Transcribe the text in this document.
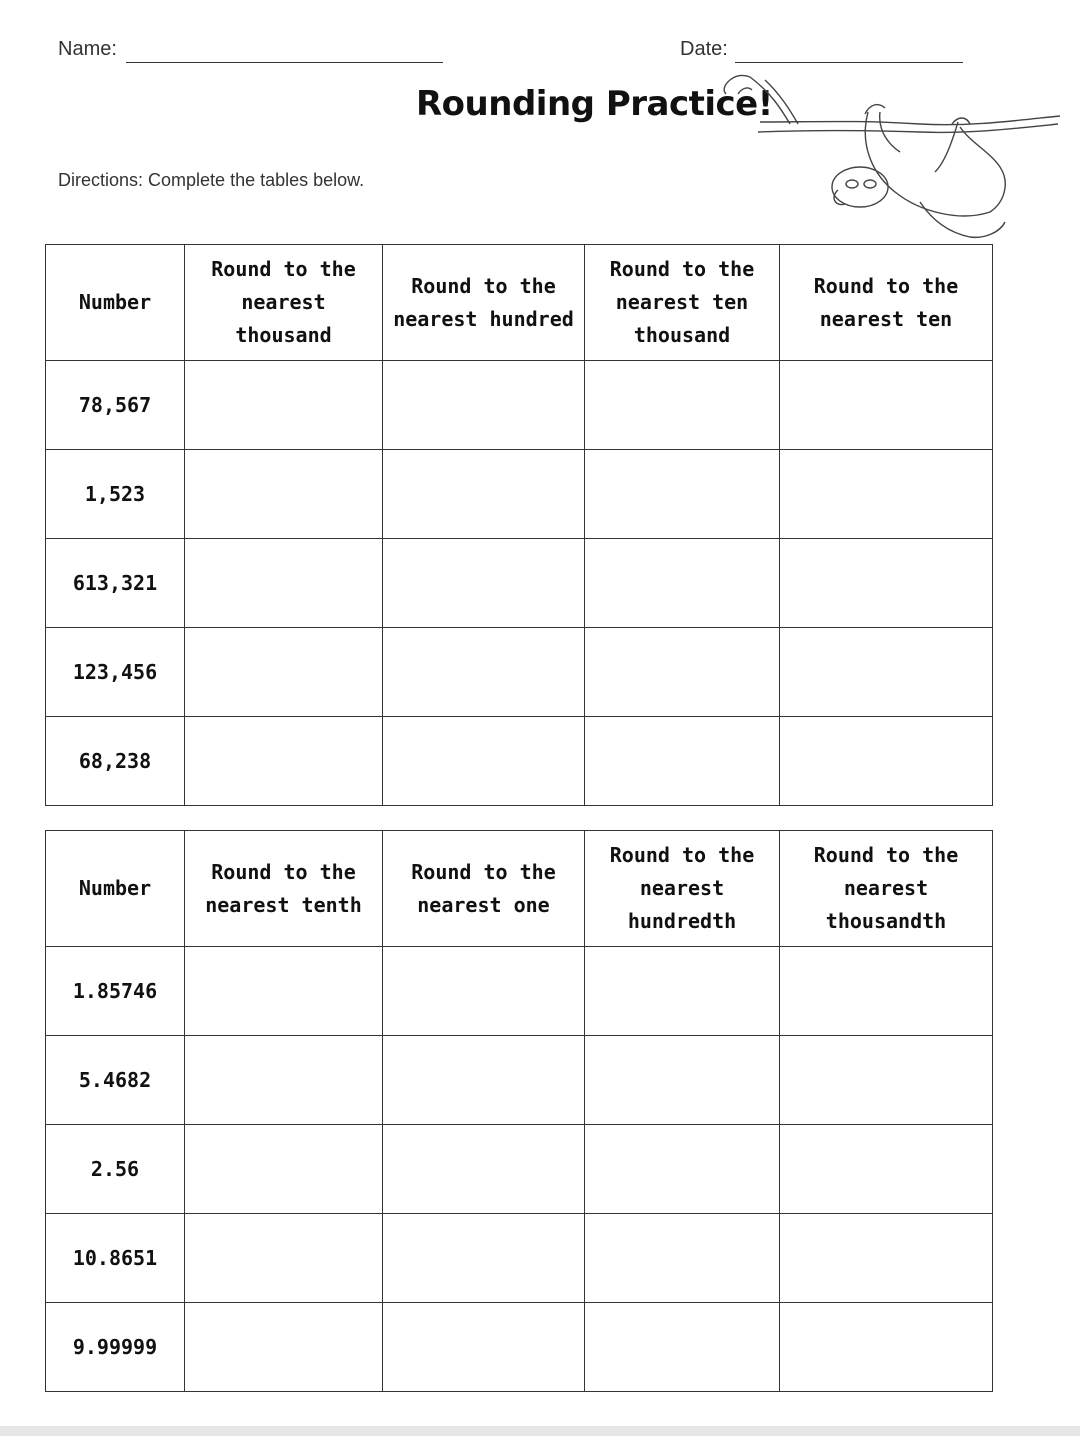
Name:	Date:
Rounding Practice!
Directions: Complete the tables below.
Number	Round to the nearest thousand	Round to the nearest hundred	Round to the nearest ten thousand	Round to the nearest ten
78,567				
1,523				
613,321				
123,456				
68,238				
Number	Round to the nearest tenth	Round to the nearest one	Round to the nearest hundredth	Round to the nearest thousandth
1.85746				
5.4682				
2.56				
10.8651				
9.99999				
